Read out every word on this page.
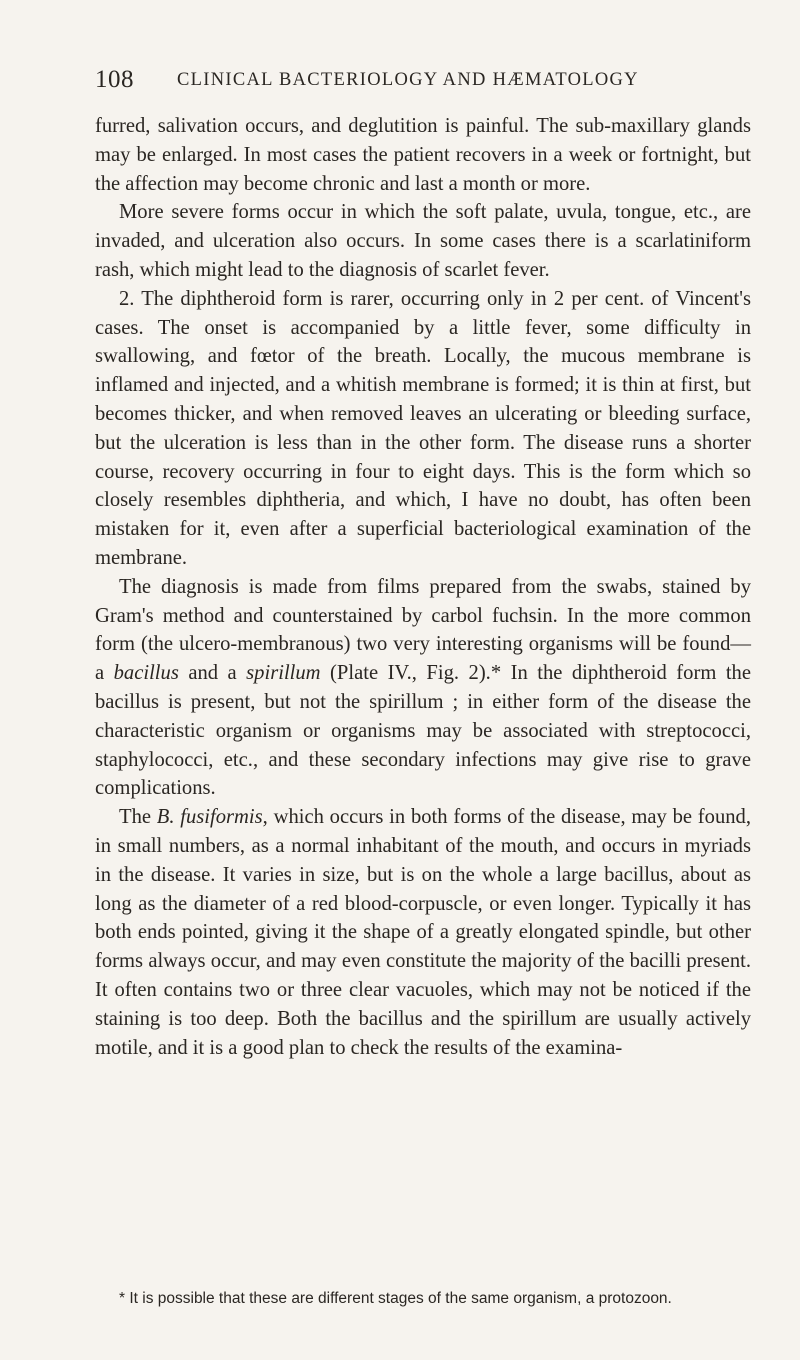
108 CLINICAL BACTERIOLOGY AND HÆMATOLOGY

furred, salivation occurs, and deglutition is painful. The sub-maxillary glands may be enlarged. In most cases the patient recovers in a week or fortnight, but the affection may become chronic and last a month or more.

More severe forms occur in which the soft palate, uvula, tongue, etc., are invaded, and ulceration also occurs. In some cases there is a scarlatiniform rash, which might lead to the diagnosis of scarlet fever.

2. The diphtheroid form is rarer, occurring only in 2 per cent. of Vincent's cases. The onset is accompanied by a little fever, some difficulty in swallowing, and fœtor of the breath. Locally, the mucous membrane is inflamed and injected, and a whitish membrane is formed; it is thin at first, but becomes thicker, and when removed leaves an ulcerating or bleeding surface, but the ulceration is less than in the other form. The disease runs a shorter course, recovery occurring in four to eight days. This is the form which so closely resembles diphtheria, and which, I have no doubt, has often been mistaken for it, even after a superficial bacteriological examination of the membrane.

The diagnosis is made from films prepared from the swabs, stained by Gram's method and counterstained by carbol fuchsin. In the more common form (the ulcero-membranous) two very interesting organisms will be found—a bacillus and a spirillum (Plate IV., Fig. 2).* In the diphtheroid form the bacillus is present, but not the spirillum ; in either form of the disease the characteristic organism or organisms may be associated with streptococci, staphylococci, etc., and these secondary infections may give rise to grave complications.

The B. fusiformis, which occurs in both forms of the disease, may be found, in small numbers, as a normal inhabitant of the mouth, and occurs in myriads in the disease. It varies in size, but is on the whole a large bacillus, about as long as the diameter of a red blood-corpuscle, or even longer. Typically it has both ends pointed, giving it the shape of a greatly elongated spindle, but other forms always occur, and may even constitute the majority of the bacilli present. It often contains two or three clear vacuoles, which may not be noticed if the staining is too deep. Both the bacillus and the spirillum are usually actively motile, and it is a good plan to check the results of the examina-

* It is possible that these are different stages of the same organism, a protozoon.
